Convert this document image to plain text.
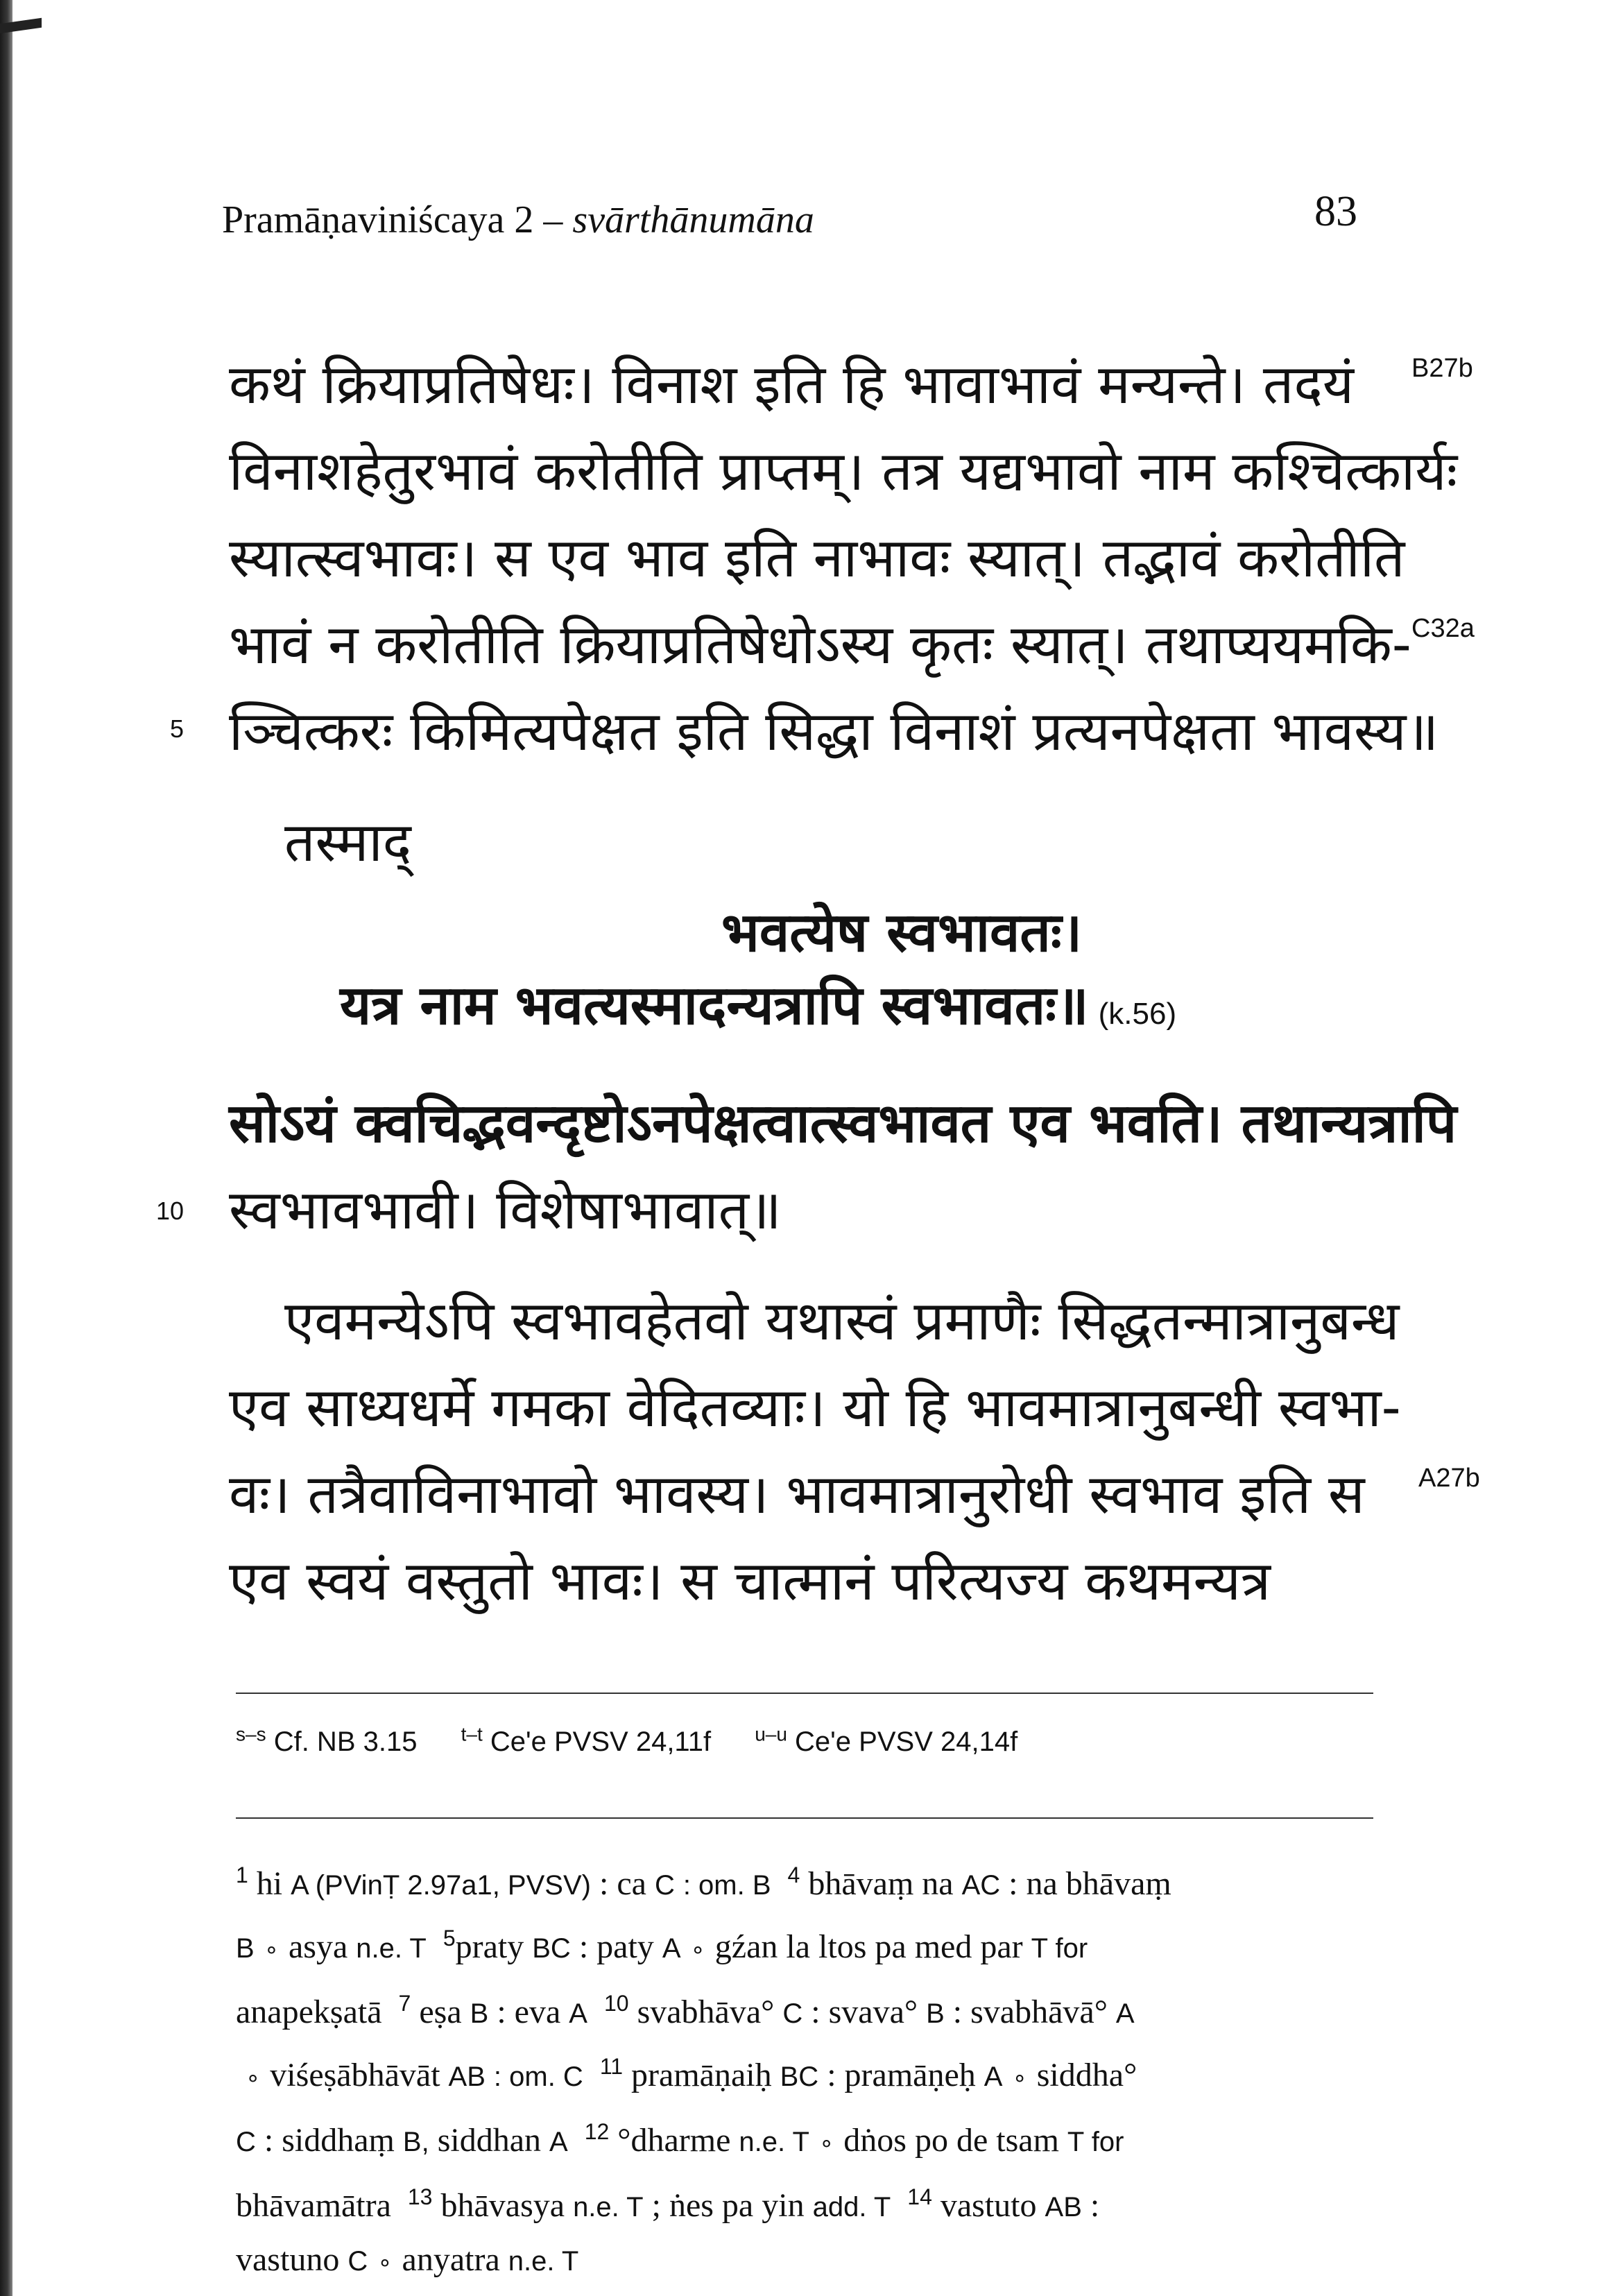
Pramāṇaviniścaya 2 – svārthānumāna	83
कथं क्रियाप्रतिषेधः। विनाश इति हि भावाभावं मन्यन्ते। तदयं
विनाशहेतुरभावं करोतीति प्राप्तम्। तत्र यद्यभावो नाम कश्चित्कार्यः
स्यात्स्वभावः। स एव भाव इति नाभावः स्यात्। तद्भावं करोतीति
भावं न करोतीति क्रियाप्रतिषेधोऽस्य कृतः स्यात्। तथाप्ययमकि-
ञ्चित्करः किमित्यपेक्षत इति सिद्धा विनाशं प्रत्यनपेक्षता भावस्य॥
तस्माद्
भवत्येष स्वभावतः।
यत्र नाम भवत्यस्मादन्यत्रापि स्वभावतः॥ (k.56)
सोऽयं क्वचिद्भवन्दृष्टोऽनपेक्षत्वात्स्वभावत एव भवति। तथान्यत्रापि
स्वभावभावी। विशेषाभावात्॥
एवमन्येऽपि स्वभावहेतवो यथास्वं प्रमाणैः सिद्धतन्मात्रानुबन्ध
एव साध्यधर्मे गमका वेदितव्याः। यो हि भावमात्रानुबन्धी स्वभा-
वः। तत्रैवाविनाभावो भावस्य। भावमात्रानुरोधी स्वभाव इति स
एव स्वयं वस्तुतो भावः। स चात्मानं परित्यज्य कथमन्यत्र
B27b
C32a
A27b
5
10
$^{s-s}$ Cf. NB 3.15 $^{t-t}$ Ce'e PVSV 24,11f $^{u-u}$ Ce'e PVSV 24,14f
$^1$ hi A (PVinṬ 2.97a1, PVSV) : ca C : om. B $^4$ bhāvaṃ na AC : na bhāvaṃ
B ∘ asya n.e. T $^5$praty BC : paty A ∘ gźan la ltos pa med par T for
anapekṣatā $^7$ eṣa B : eva A $^{10}$ svabhāva° C : svava° B : svabhāvā° A
∘ viśeṣābhāvāt AB : om. C $^{11}$ pramāṇaiḥ BC : pramāṇeḥ A ∘ siddha°
C : siddhaṃ B, siddhan A $^{12}$ °dharme n.e. T ∘ dṅos po de tsam T for
bhāvamātra $^{13}$ bhāvasya n.e. T ; ṅes pa yin add. T $^{14}$ vastuto AB :
vastuno C ∘ anyatra n.e. T
